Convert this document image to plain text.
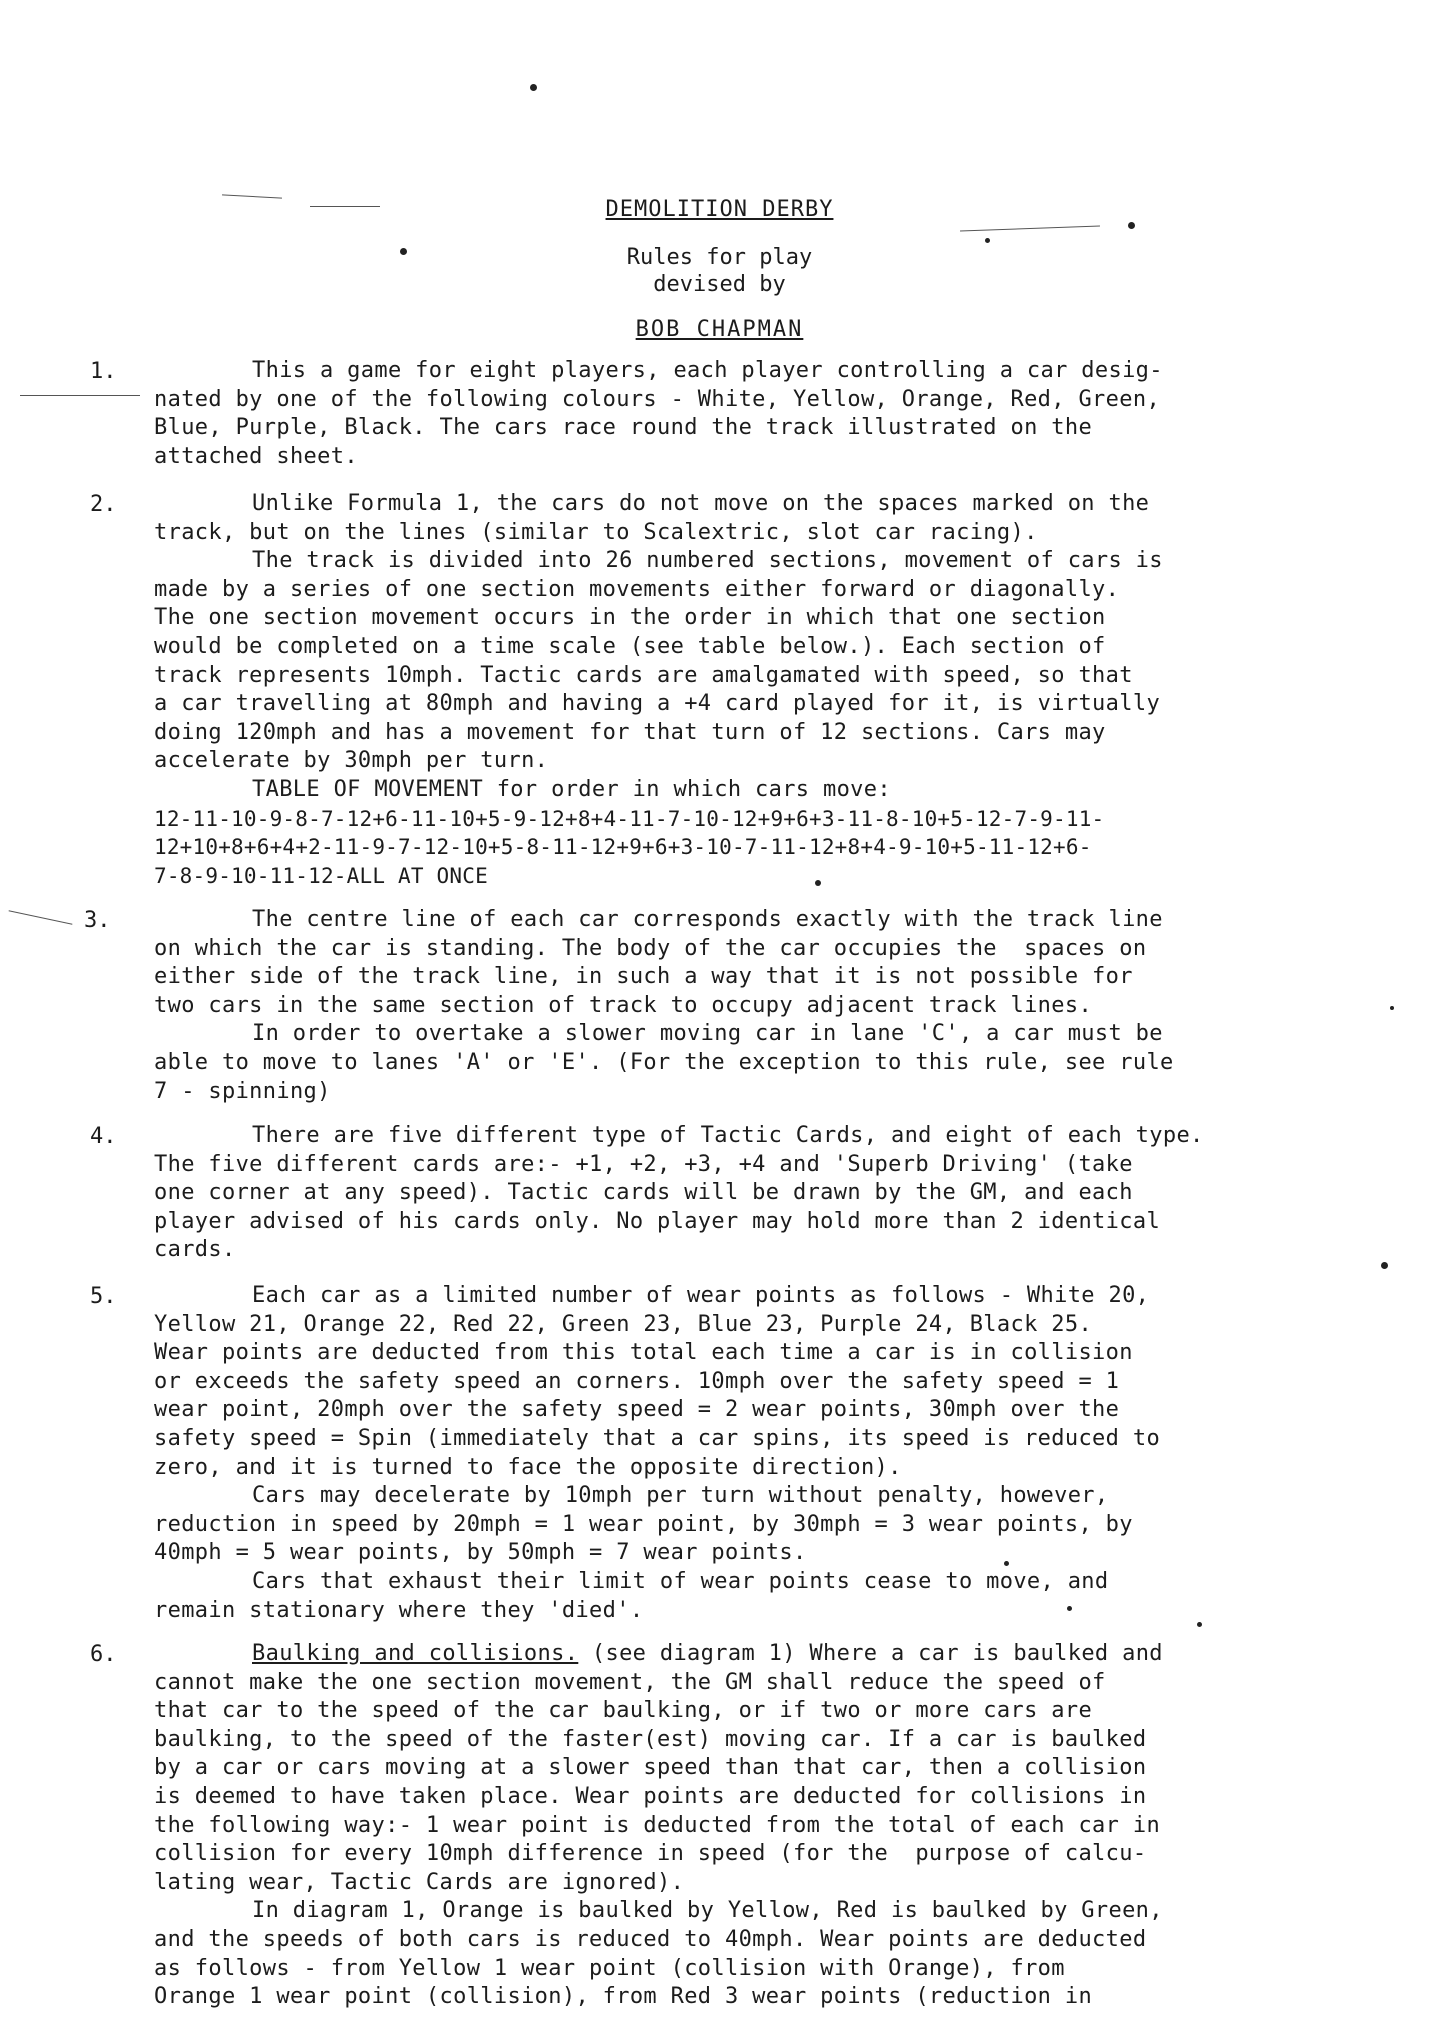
DEMOLITION DERBY
Rules for play
devised by
BOB CHAPMAN
1.	This a game for eight players, each player controlling a car desig-
nated by one of the following colours - White, Yellow, Orange, Red, Green,
Blue, Purple, Black. The cars race round the track illustrated on the
attached sheet.

2.	Unlike Formula 1, the cars do not move on the spaces marked on the
track, but on the lines (similar to Scalextric, slot car racing).

The track is divided into 26 numbered sections, movement of cars is
made by a series of one section movements either forward or diagonally.
The one section movement occurs in the order in which that one section
would be completed on a time scale (see table below.). Each section of
track represents 10mph. Tactic cards are amalgamated with speed, so that
a car travelling at 80mph and having a +4 card played for it, is virtually
doing 120mph and has a movement for that turn of 12 sections. Cars may
accelerate by 30mph per turn.

TABLE OF MOVEMENT for order in which cars move:

12-11-10-9-8-7-12+6-11-10+5-9-12+8+4-11-7-10-12+9+6+3-11-8-10+5-12-7-9-11-
12+10+8+6+4+2-11-9-7-12-10+5-8-11-12+9+6+3-10-7-11-12+8+4-9-10+5-11-12+6-
7-8-9-10-11-12-ALL AT ONCE

3.	The centre line of each car corresponds exactly with the track line
on which the car is standing. The body of the car occupies the  spaces on
either side of the track line, in such a way that it is not possible for
two cars in the same section of track to occupy adjacent track lines.

In order to overtake a slower moving car in lane 'C', a car must be
able to move to lanes 'A' or 'E'. (For the exception to this rule, see rule
7 - spinning)

4.	There are five different type of Tactic Cards, and eight of each type.
The five different cards are:- +1, +2, +3, +4 and 'Superb Driving' (take
one corner at any speed). Tactic cards will be drawn by the GM, and each
player advised of his cards only. No player may hold more than 2 identical
cards.

5.	Each car as a limited number of wear points as follows - White 20,
Yellow 21, Orange 22, Red 22, Green 23, Blue 23, Purple 24, Black 25.
Wear points are deducted from this total each time a car is in collision
or exceeds the safety speed an corners. 10mph over the safety speed = 1
wear point, 20mph over the safety speed = 2 wear points, 30mph over the
safety speed = Spin (immediately that a car spins, its speed is reduced to
zero, and it is turned to face the opposite direction).

Cars may decelerate by 10mph per turn without penalty, however,
reduction in speed by 20mph = 1 wear point, by 30mph = 3 wear points, by
40mph = 5 wear points, by 50mph = 7 wear points.

Cars that exhaust their limit of wear points cease to move, and
remain stationary where they 'died'.

6.	Baulking and collisions. (see diagram 1) Where a car is baulked and
cannot make the one section movement, the GM shall reduce the speed of
that car to the speed of the car baulking, or if two or more cars are
baulking, to the speed of the faster(est) moving car. If a car is baulked
by a car or cars moving at a slower speed than that car, then a collision
is deemed to have taken place. Wear points are deducted for collisions in
the following way:- 1 wear point is deducted from the total of each car in
collision for every 10mph difference in speed (for the  purpose of calcu-
lating wear, Tactic Cards are ignored).

In diagram 1, Orange is baulked by Yellow, Red is baulked by Green,
and the speeds of both cars is reduced to 40mph. Wear points are deducted
as follows - from Yellow 1 wear point (collision with Orange), from
Orange 1 wear point (collision), from Red 3 wear points (reduction in
